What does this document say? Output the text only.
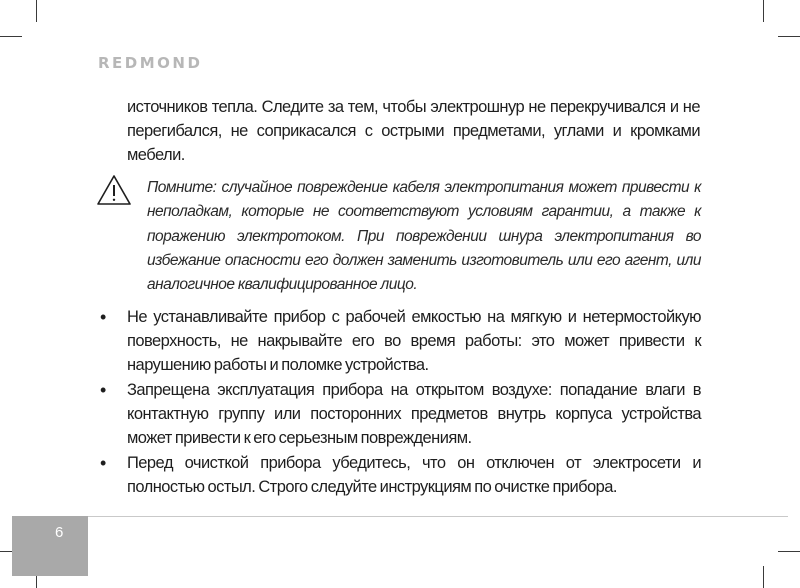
REDMOND
источников тепла. Следите за тем, чтобы электрошнур не перекручивался и не перегибался, не соприкасался с острыми предметами, углами и кромками мебели.
Помните: случайное повреждение кабеля электропитания может привести к неполадкам, которые не соответствуют условиям гарантии, а также к поражению электротоком. При повреждении шнура электропитания во избежание опасности его должен заменить изготовитель или его агент, или аналогичное квалифицированное лицо.
• Не устанавливайте прибор с рабочей емкостью на мягкую и нетермостойкую поверхность, не накрывайте его во время работы: это может привести к нарушению работы и поломке устройства.
• Запрещена эксплуатация прибора на открытом воздухе: попадание влаги в контактную группу или посторонних предметов внутрь корпуса устройства может привести к его серьезным повреждениям.
• Перед очисткой прибора убедитесь, что он отключен от электросети и полностью остыл. Строго следуйте инструкциям по очистке прибора.
6
